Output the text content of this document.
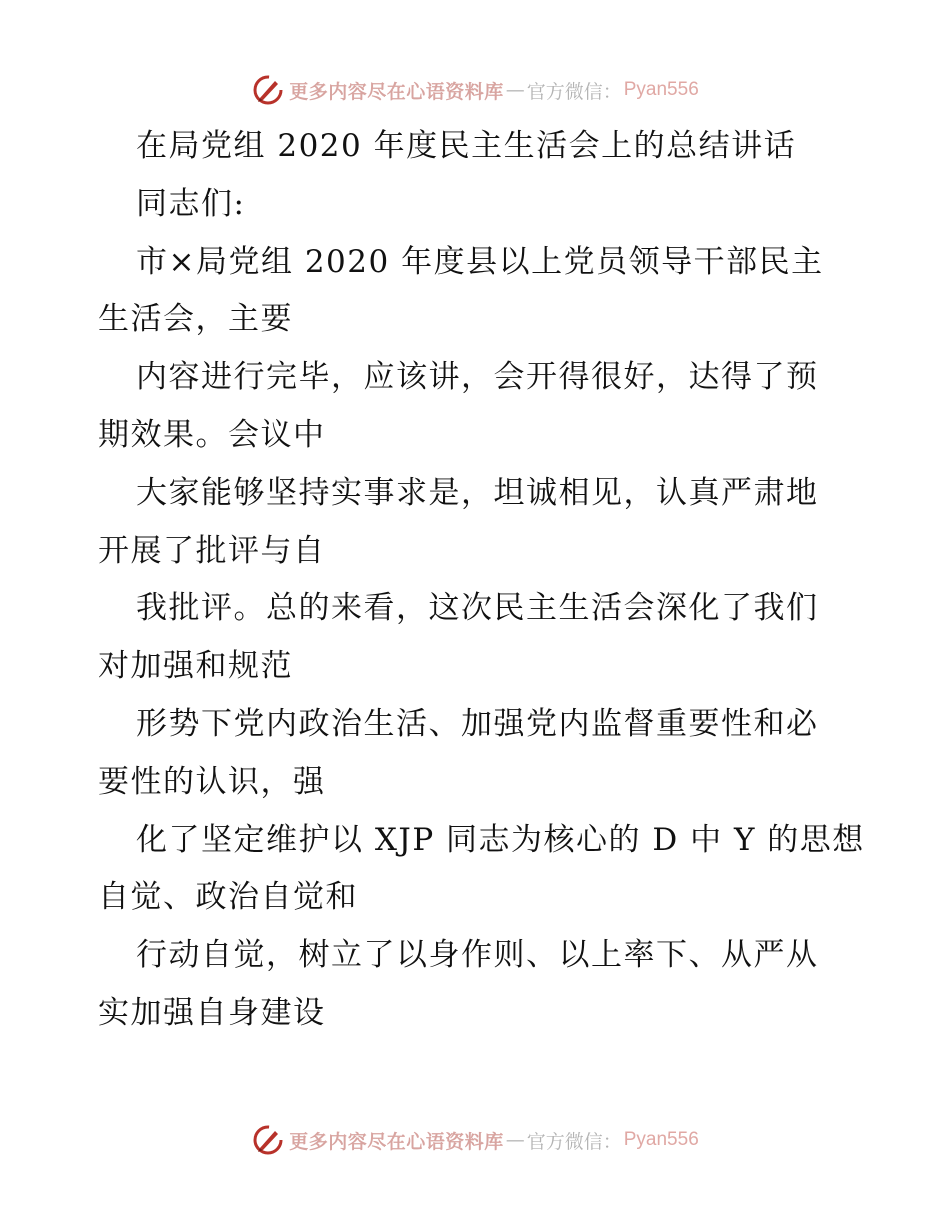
更多内容尽在心语资料库 — 官方微信： Pyan556
在局党组 2020 年度民主生活会上的总结讲话
同志们:
市×局党组 2020 年度县以上党员领导干部民主
生活会，主要
内容进行完毕，应该讲，会开得很好，达得了预
期效果。会议中
大家能够坚持实事求是，坦诚相见，认真严肃地
开展了批评与自
我批评。总的来看，这次民主生活会深化了我们
对加强和规范
形势下党内政治生活、加强党内监督重要性和必
要性的认识，强
化了坚定维护以 XJP 同志为核心的 D 中 Y 的思想
自觉、政治自觉和
行动自觉，树立了以身作则、以上率下、从严从
实加强自身建设
更多内容尽在心语资料库 — 官方微信： Pyan556
